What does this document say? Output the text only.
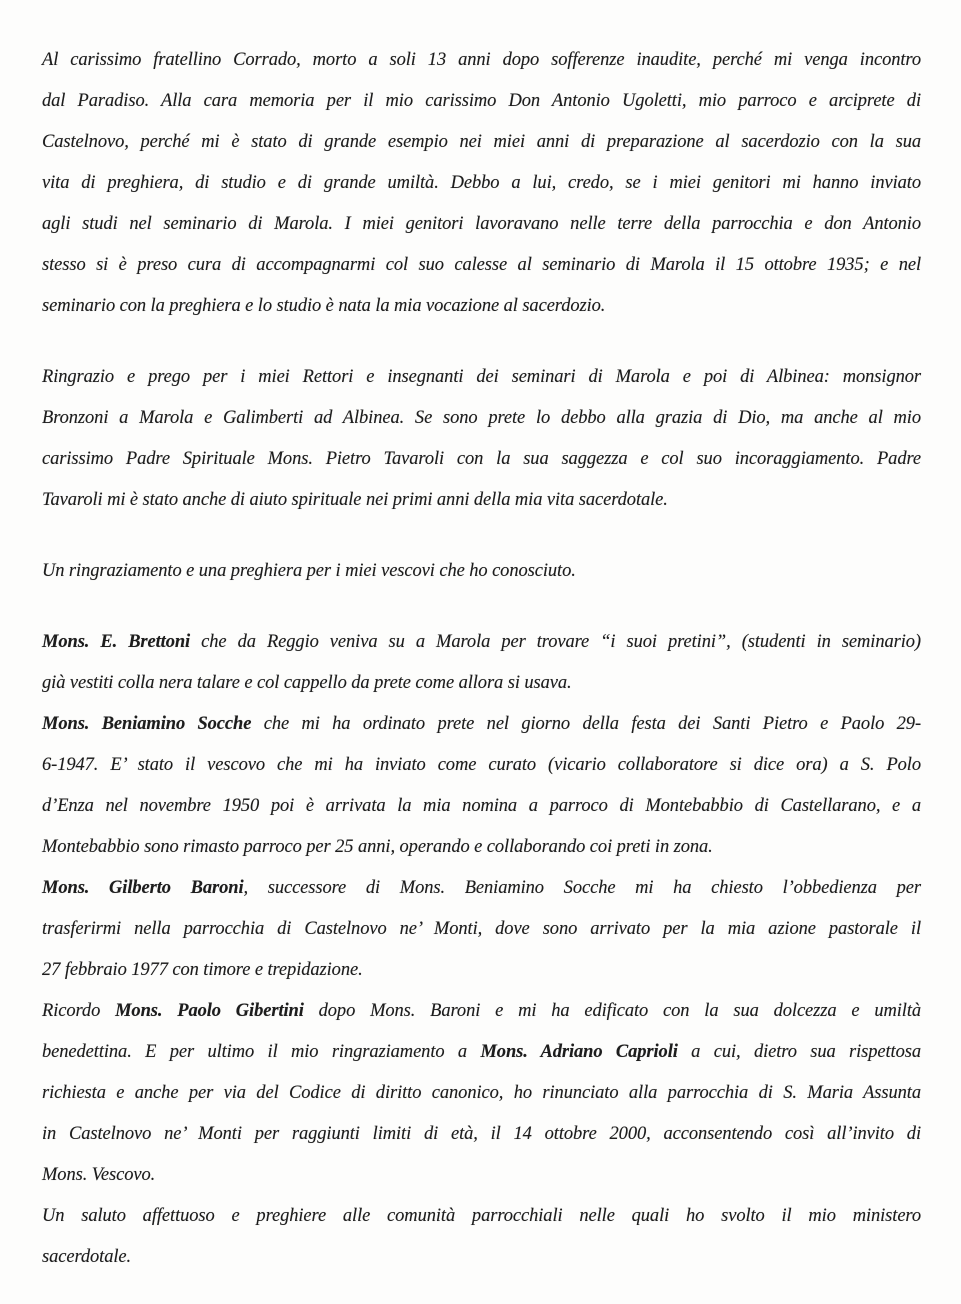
Al carissimo fratellino Corrado, morto a soli 13 anni dopo sofferenze inaudite, perché mi venga incontro
dal Paradiso. Alla cara memoria per il mio carissimo Don Antonio Ugoletti, mio parroco e arciprete di
Castelnovo, perché mi è stato di grande esempio nei miei anni di preparazione al sacerdozio con la sua
vita di preghiera, di studio e di grande umiltà. Debbo a lui, credo, se i miei genitori mi hanno inviato
agli studi nel seminario di Marola. I miei genitori lavoravano nelle terre della parrocchia e don Antonio
stesso si è preso cura di accompagnarmi col suo calesse al seminario di Marola il 15 ottobre 1935; e nel
seminario con la preghiera e lo studio è nata la mia vocazione al sacerdozio.
Ringrazio e prego per i miei Rettori e insegnanti dei seminari di Marola e poi di Albinea: monsignor
Bronzoni a Marola e Galimberti ad Albinea. Se sono prete lo debbo alla grazia di Dio, ma anche al mio
carissimo Padre Spirituale Mons. Pietro Tavaroli con la sua saggezza e col suo incoraggiamento. Padre
Tavaroli mi è stato anche di aiuto spirituale nei primi anni della mia vita sacerdotale.
Un ringraziamento e una preghiera per i miei vescovi che ho conosciuto.
Mons. E. Brettoni che da Reggio veniva su a Marola per trovare “i suoi pretini”, (studenti in seminario)
già vestiti colla nera talare e col cappello da prete come allora si usava.
Mons. Beniamino Socche che mi ha ordinato prete nel giorno della festa dei Santi Pietro e Paolo 29-
6-1947. E’ stato il vescovo che mi ha inviato come curato (vicario collaboratore si dice ora) a S. Polo
d’Enza nel novembre 1950 poi è arrivata la mia nomina a parroco di Montebabbio di Castellarano, e a
Montebabbio sono rimasto parroco per 25 anni, operando e collaborando coi preti in zona.
Mons. Gilberto Baroni, successore di Mons. Beniamino Socche mi ha chiesto l’obbedienza per
trasferirmi nella parrocchia di Castelnovo ne’ Monti, dove sono arrivato per la mia azione pastorale il
27 febbraio 1977 con timore e trepidazione.
Ricordo Mons. Paolo Gibertini dopo Mons. Baroni e mi ha edificato con la sua dolcezza e umiltà
benedettina. E per ultimo il mio ringraziamento a Mons. Adriano Caprioli a cui, dietro sua rispettosa
richiesta e anche per via del Codice di diritto canonico, ho rinunciato alla parrocchia di S. Maria Assunta
in Castelnovo ne’ Monti per raggiunti limiti di età, il 14 ottobre 2000, acconsentendo così all’invito di
Mons. Vescovo.
Un saluto affettuoso e preghiere alle comunità parrocchiali nelle quali ho svolto il mio ministero
sacerdotale.
